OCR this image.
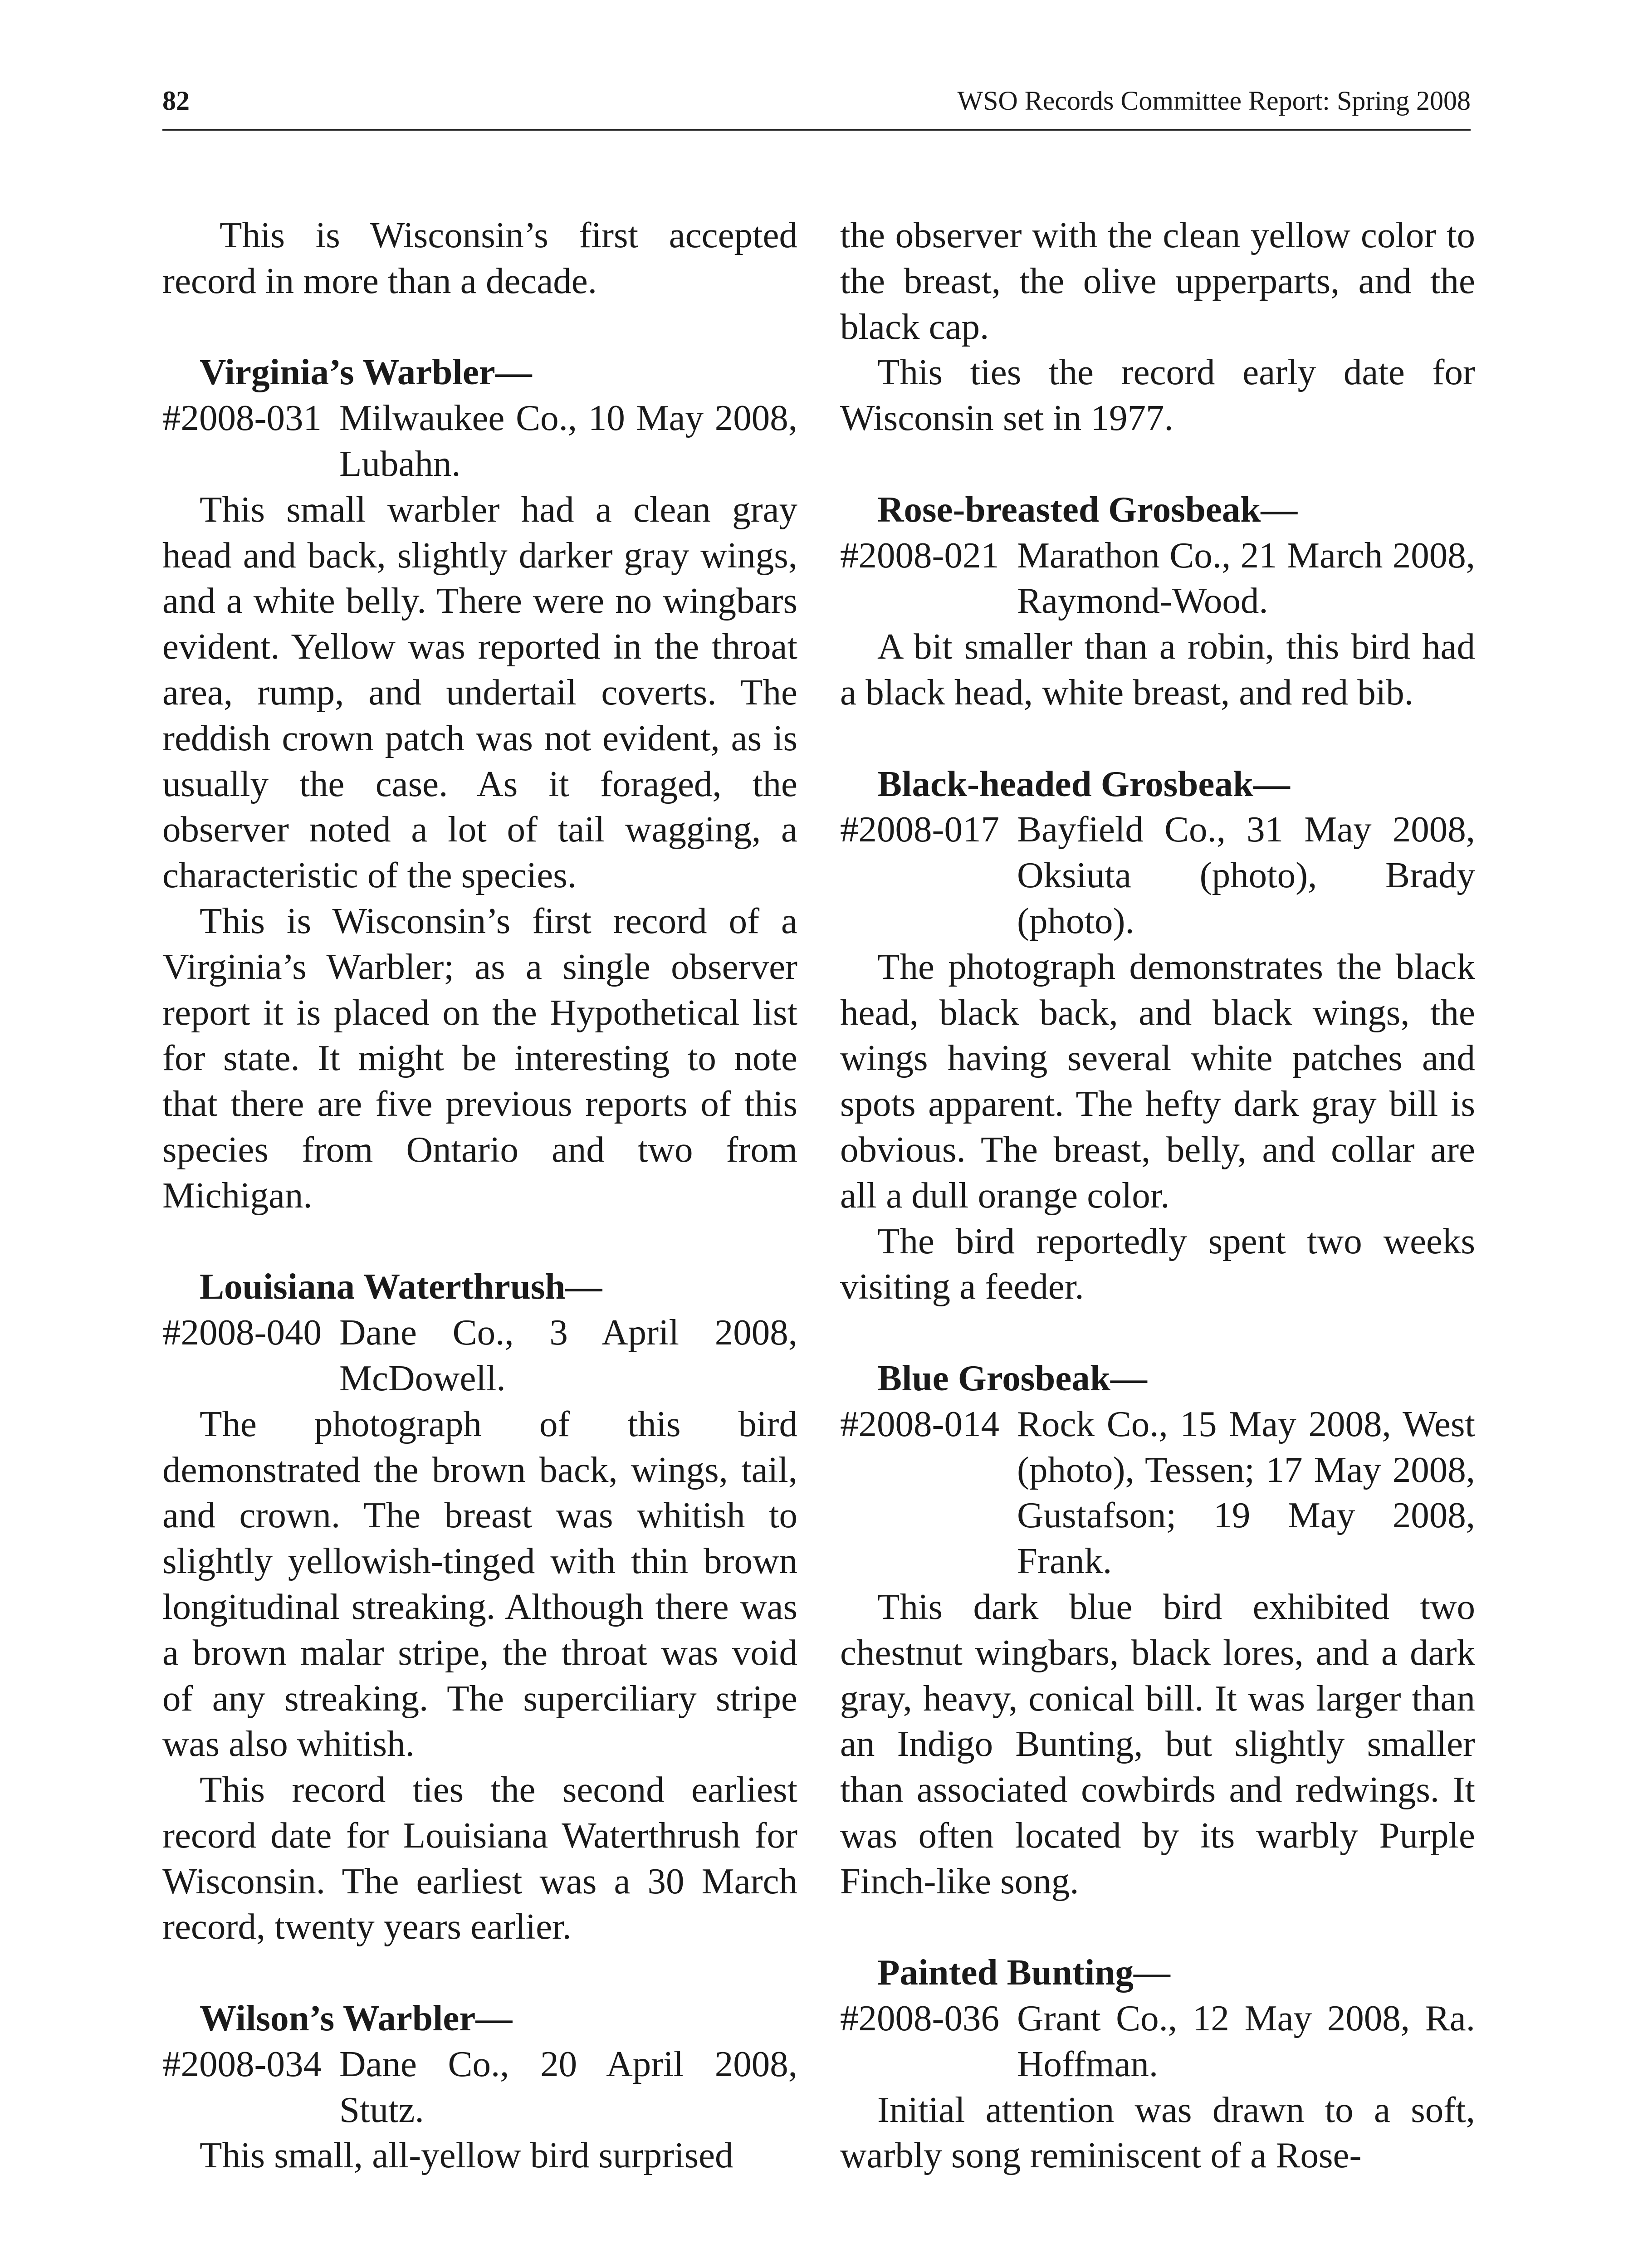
82	WSO Records Committee Report: Spring 2008

This is Wisconsin’s first accepted record in more than a decade.

Virginia’s Warbler—
#2008-031 Milwaukee Co., 10 May 2008, Lubahn.

This small warbler had a clean gray head and back, slightly darker gray wings, and a white belly. There were no wingbars evident. Yellow was reported in the throat area, rump, and undertail coverts. The reddish crown patch was not evident, as is usually the case. As it foraged, the observer noted a lot of tail wagging, a characteristic of the species.

This is Wisconsin’s first record of a Virginia’s Warbler; as a single observer report it is placed on the Hypothetical list for state. It might be interesting to note that there are five previous reports of this species from Ontario and two from Michigan.

Louisiana Waterthrush—
#2008-040 Dane Co., 3 April 2008, McDowell.

The photograph of this bird demonstrated the brown back, wings, tail, and crown. The breast was whitish to slightly yellowish-tinged with thin brown longitudinal streaking. Although there was a brown malar stripe, the throat was void of any streaking. The superciliary stripe was also whitish.

This record ties the second earliest record date for Louisiana Waterthrush for Wisconsin. The earliest was a 30 March record, twenty years earlier.

Wilson’s Warbler—
#2008-034 Dane Co., 20 April 2008, Stutz.

This small, all-yellow bird surprised

the observer with the clean yellow color to the breast, the olive upperparts, and the black cap.

This ties the record early date for Wisconsin set in 1977.

Rose-breasted Grosbeak—
#2008-021 Marathon Co., 21 March 2008, Raymond-Wood.

A bit smaller than a robin, this bird had a black head, white breast, and red bib.

Black-headed Grosbeak—
#2008-017 Bayfield Co., 31 May 2008, Oksiuta (photo), Brady (photo).

The photograph demonstrates the black head, black back, and black wings, the wings having several white patches and spots apparent. The hefty dark gray bill is obvious. The breast, belly, and collar are all a dull orange color.

The bird reportedly spent two weeks visiting a feeder.

Blue Grosbeak—
#2008-014 Rock Co., 15 May 2008, West (photo), Tessen; 17 May 2008, Gustafson; 19 May 2008, Frank.

This dark blue bird exhibited two chestnut wingbars, black lores, and a dark gray, heavy, conical bill. It was larger than an Indigo Bunting, but slightly smaller than associated cowbirds and redwings. It was often located by its warbly Purple Finch-like song.

Painted Bunting—
#2008-036 Grant Co., 12 May 2008, Ra. Hoffman.

Initial attention was drawn to a soft, warbly song reminiscent of a Rose-
